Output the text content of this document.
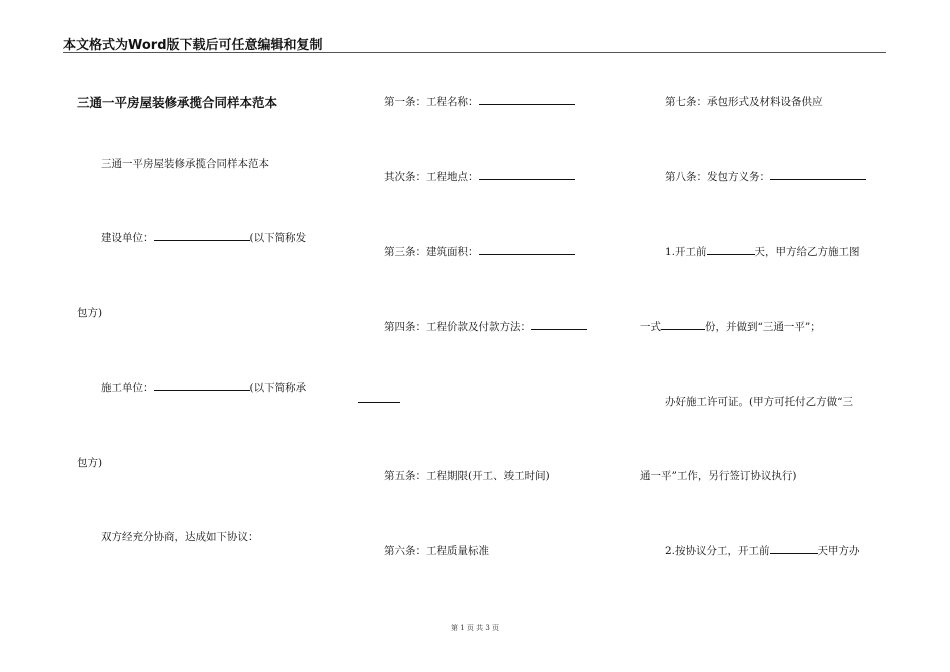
本文格式为Word版下载后可任意编辑和复制
三通一平房屋装修承揽合同样本范本
三通一平房屋装修承揽合同样本范本
建设单位：	(以下简称发
包方)
施工单位：	(以下简称承
包方)
双方经充分协商，达成如下协议：
第一条：工程名称：
其次条：工程地点：
第三条：建筑面积：
第四条：工程价款及付款方法：
第五条：工程期限(开工、竣工时间)
第六条：工程质量标准
第七条：承包形式及材料设备供应
第八条：发包方义务：
1.开工前	天，甲方给乙方施工图
一式	份，并做到“三通一平”；
办好施工许可证。(甲方可托付乙方做“三
通一平”工作，另行签订协议执行)
2.按协议分工，开工前	天甲方办
第 1 页 共 3 页
